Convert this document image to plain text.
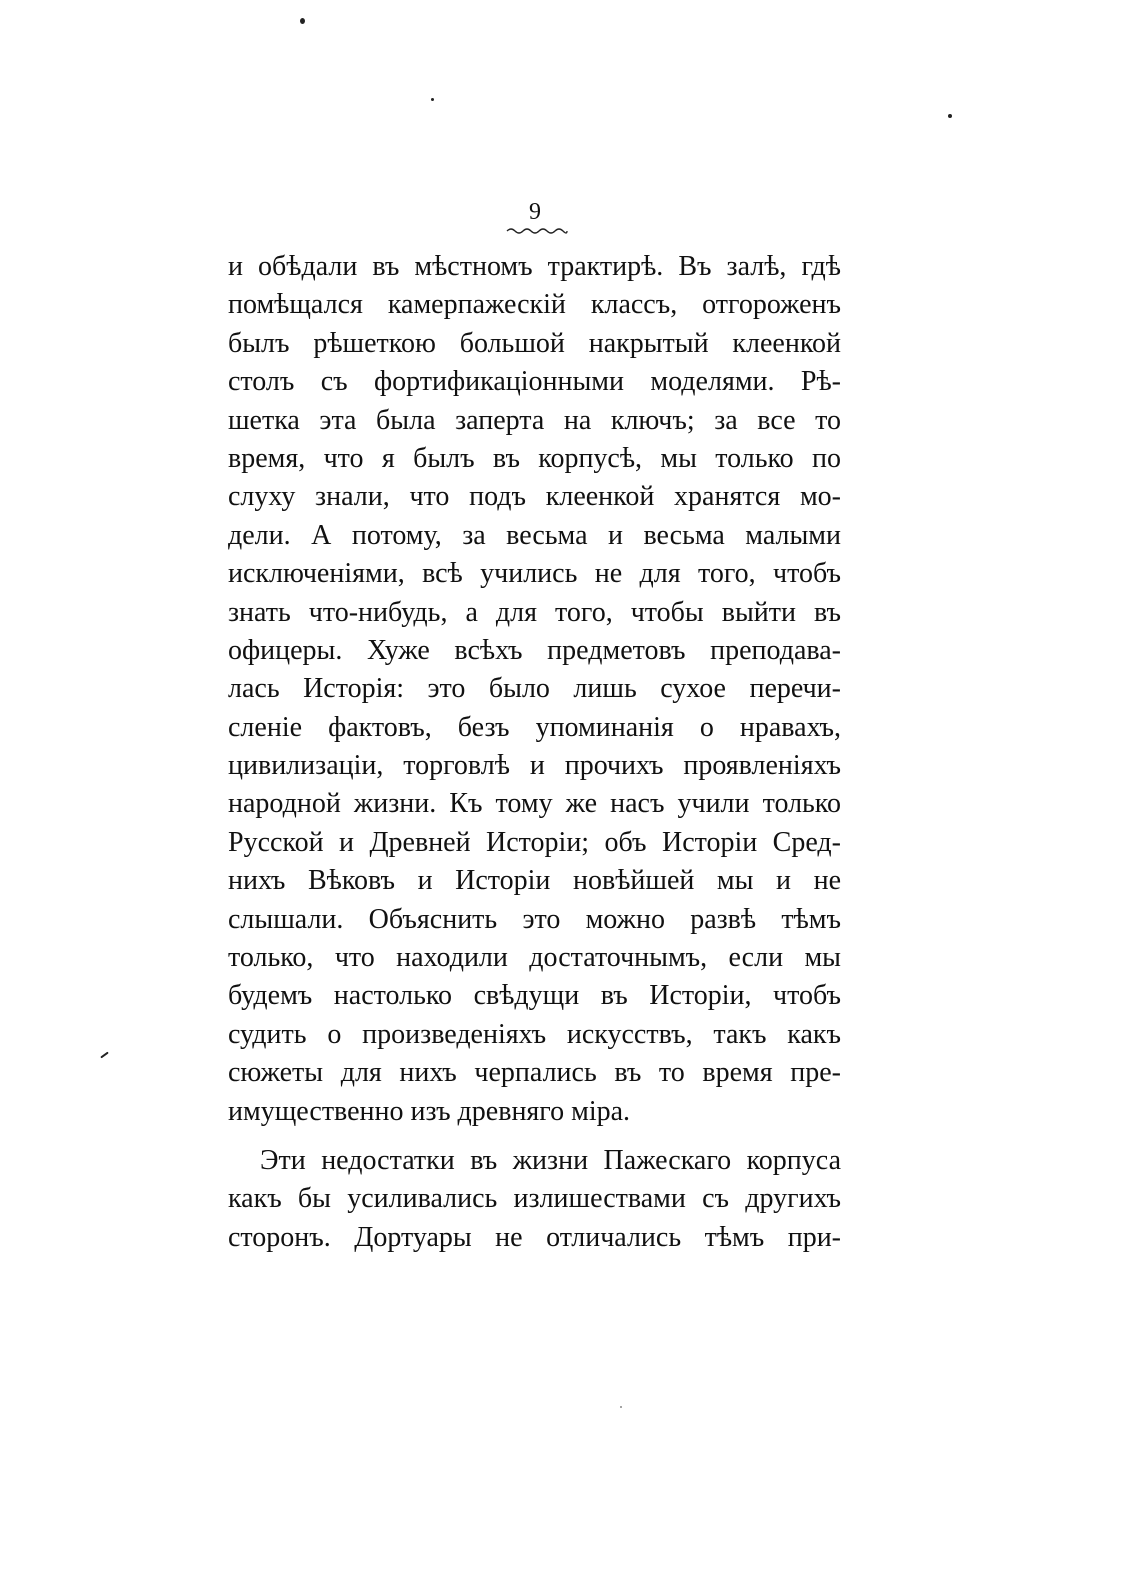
9
и обѣдали въ мѣстномъ трактирѣ. Въ залѣ, гдѣ
помѣщался камерпажескій классъ, отгороженъ
былъ рѣшеткою большой накрытый клеенкой
столъ съ фортификаціонными моделями. Рѣ-
шетка эта была заперта на ключъ; за все то
время, что я былъ въ корпусѣ, мы только по
слуху знали, что подъ клеенкой хранятся мо-
дели. А потому, за весьма и весьма малыми
исключеніями, всѣ учились не для того, чтобъ
знать что-нибудь, а для того, чтобы выйти въ
офицеры. Хуже всѣхъ предметовъ преподава-
лась Исторія: это было лишь сухое перечи-
сленіе фактовъ, безъ упоминанія о нравахъ,
цивилизаціи, торговлѣ и прочихъ проявленіяхъ
народной жизни. Къ тому же насъ учили только
Русской и Древней Исторіи; объ Исторіи Сред-
нихъ Вѣковъ и Исторіи новѣйшей мы и не
слышали. Объяснить это можно развѣ тѣмъ
только, что находили достаточнымъ, если мы
будемъ настолько свѣдущи въ Исторіи, чтобъ
судить о произведеніяхъ искусствъ, такъ какъ
сюжеты для нихъ черпались въ то время пре-
имущественно изъ древняго міра.
Эти недостатки въ жизни Пажескаго корпуса
какъ бы усиливались излишествами съ другихъ
сторонъ. Дортуары не отличались тѣмъ при-
